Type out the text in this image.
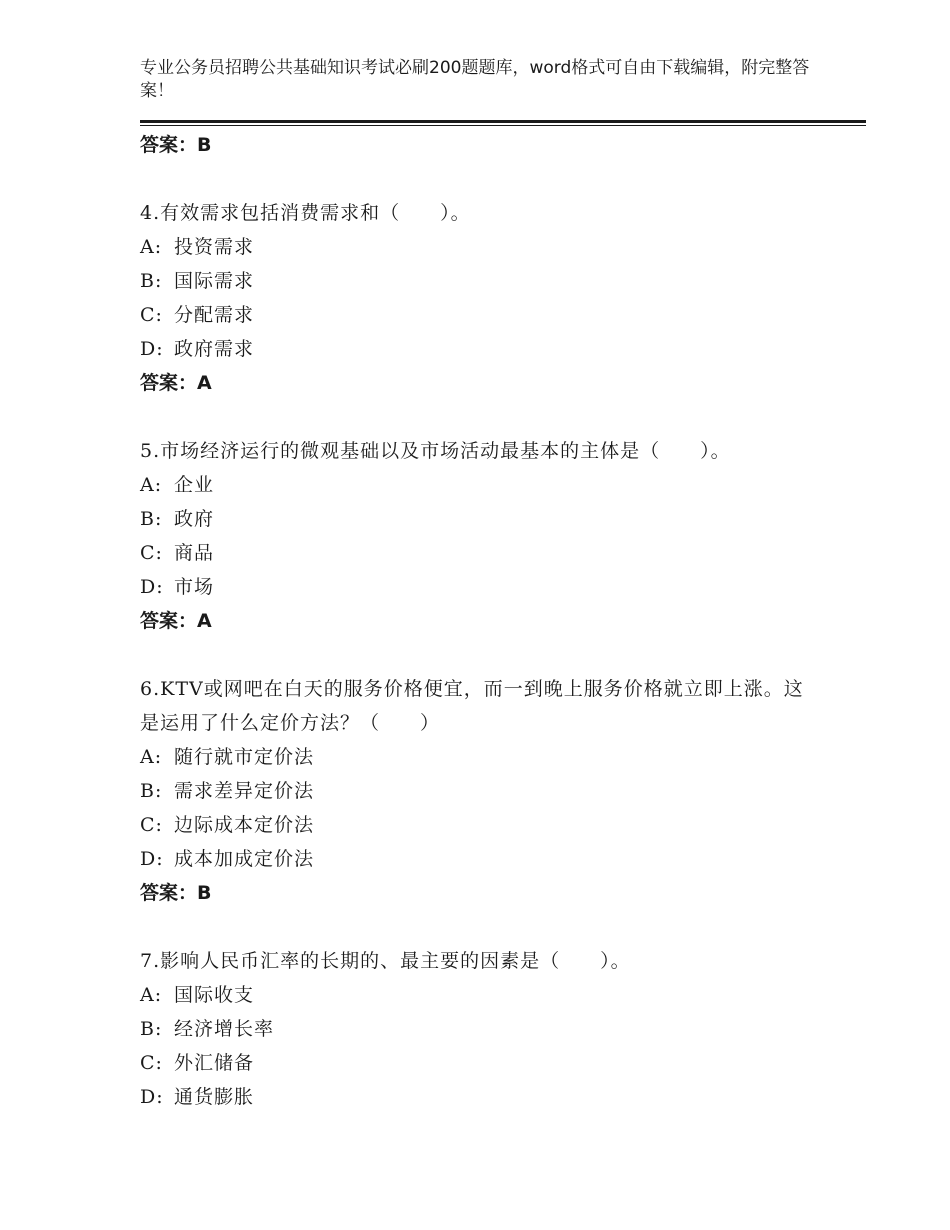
专业公务员招聘公共基础知识考试必刷200题题库，word格式可自由下载编辑，附完整答案！
答案：B
4.有效需求包括消费需求和（　　）。
A: 投资需求
B: 国际需求
C: 分配需求
D: 政府需求
答案：A
5.市场经济运行的微观基础以及市场活动最基本的主体是（　　）。
A: 企业
B: 政府
C: 商品
D: 市场
答案：A
6.KTV或网吧在白天的服务价格便宜，而一到晚上服务价格就立即上涨。这是运用了什么定价方法？（　　）
A: 随行就市定价法
B: 需求差异定价法
C: 边际成本定价法
D: 成本加成定价法
答案：B
7.影响人民币汇率的长期的、最主要的因素是（　　）。
A: 国际收支
B: 经济增长率
C: 外汇储备
D: 通货膨胀
